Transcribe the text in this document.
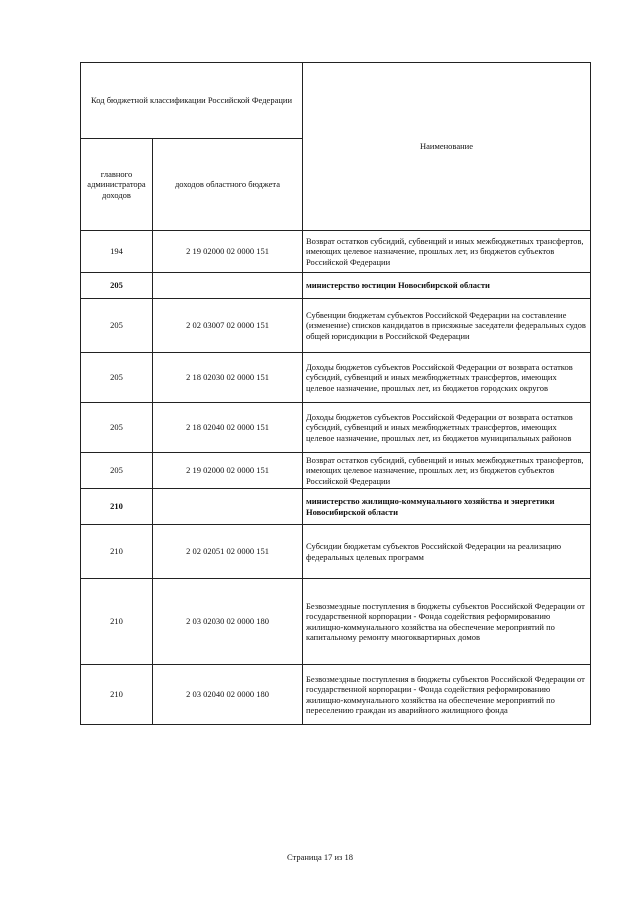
Код бюджетной классификации Российской Федерации		Наименование
главного администратора доходов	доходов областного бюджета	
194	2 19 02000 02 0000 151	Возврат остатков субсидий, субвенций и иных межбюджетных трансфертов, имеющих целевое назначение, прошлых лет, из бюджетов субъектов Российской Федерации
205		министерство юстиции Новосибирской области
205	2 02 03007 02 0000 151	Субвенции бюджетам субъектов Российской Федерации на составление (изменение) списков кандидатов в присяжные заседатели федеральных судов общей юрисдикции в Российской Федерации
205	2 18 02030 02 0000 151	Доходы бюджетов субъектов Российской Федерации от возврата остатков субсидий, субвенций и иных межбюджетных трансфертов, имеющих целевое назначение, прошлых лет, из бюджетов городских округов
205	2 18 02040 02 0000 151	Доходы бюджетов субъектов Российской Федерации от возврата остатков субсидий, субвенций и иных межбюджетных трансфертов, имеющих целевое назначение, прошлых лет, из бюджетов муниципальных районов
205	2 19 02000 02 0000 151	Возврат остатков субсидий, субвенций и иных межбюджетных трансфертов, имеющих целевое назначение, прошлых лет, из бюджетов субъектов Российской Федерации
210		министерство жилищно-коммунального хозяйства и энергетики Новосибирской области
210	2 02 02051 02 0000 151	Субсидии бюджетам субъектов Российской Федерации на реализацию федеральных целевых программ
210	2 03 02030 02 0000 180	Безвозмездные поступления в бюджеты субъектов Российской Федерации от государственной корпорации - Фонда содействия реформированию жилищно-коммунального хозяйства на обеспечение мероприятий по капитальному ремонту многоквартирных домов
210	2 03 02040 02 0000 180	Безвозмездные поступления в бюджеты субъектов Российской Федерации от государственной корпорации - Фонда содействия реформированию жилищно-коммунального хозяйства на обеспечение мероприятий по переселению граждан из аварийного жилищного фонда
Страница 17 из 18
